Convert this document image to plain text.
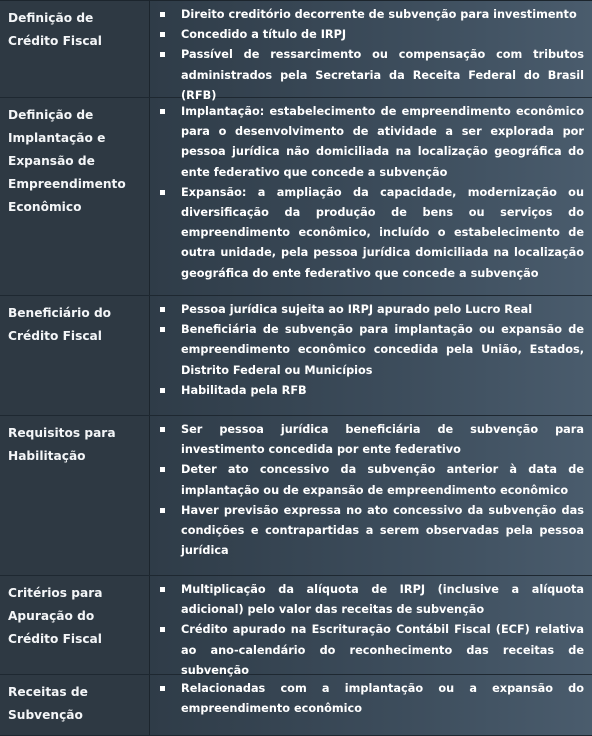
Definição de Crédito Fiscal
Direito creditório decorrente de subvenção para investimento
Concedido a título de IRPJ
Passível de ressarcimento ou compensação com tributos administrados pela Secretaria da Receita Federal do Brasil (RFB)
Definição de Implantação e Expansão de Empreendimento Econômico
Implantação: estabelecimento de empreendimento econômico para o desenvolvimento de atividade a ser explorada por pessoa jurídica não domiciliada na localização geográfica do ente federativo que concede a subvenção
Expansão: a ampliação da capacidade, modernização ou diversificação da produção de bens ou serviços do empreendimento econômico, incluído o estabelecimento de outra unidade, pela pessoa jurídica domiciliada na localização geográfica do ente federativo que concede a subvenção
Beneficiário do Crédito Fiscal
Pessoa jurídica sujeita ao IRPJ apurado pelo Lucro Real
Beneficiária de subvenção para implantação ou expansão de empreendimento econômico concedida pela União, Estados, Distrito Federal ou Municípios
Habilitada pela RFB
Requisitos para Habilitação
Ser pessoa jurídica beneficiária de subvenção para investimento concedida por ente federativo
Deter ato concessivo da subvenção anterior à data de implantação ou de expansão de empreendimento econômico
Haver previsão expressa no ato concessivo da subvenção das condições e contrapartidas a serem observadas pela pessoa jurídica
Critérios para Apuração do Crédito Fiscal
Multiplicação da alíquota de IRPJ (inclusive a alíquota adicional) pelo valor das receitas de subvenção
Crédito apurado na Escrituração Contábil Fiscal (ECF) relativa ao ano-calendário do reconhecimento das receitas de subvenção
Receitas de Subvenção
Relacionadas com a implantação ou a expansão do empreendimento econômico
